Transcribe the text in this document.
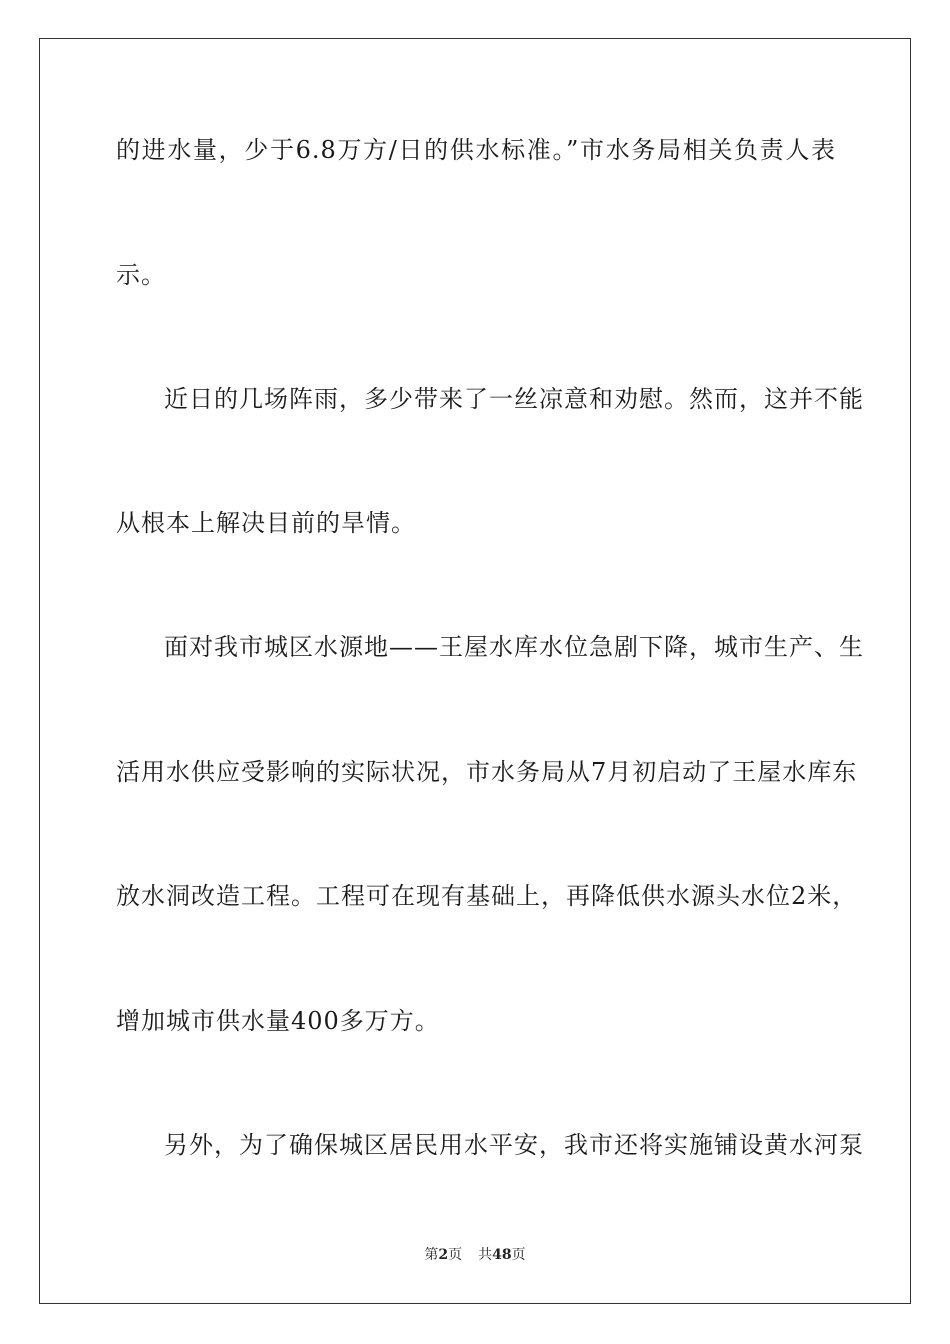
的进水量，少于6.8万方/日的供水标准。”市水务局相关负责人表
示。
近日的几场阵雨，多少带来了一丝凉意和劝慰。然而，这并不能
从根本上解决目前的旱情。
面对我市城区水源地——王屋水库水位急剧下降，城市生产、生
活用水供应受影响的实际状况，市水务局从7月初启动了王屋水库东
放水洞改造工程。工程可在现有基础上，再降低供水源头水位2米，
增加城市供水量400多万方。
另外，为了确保城区居民用水平安，我市还将实施铺设黄水河泵
第2页 共48页
